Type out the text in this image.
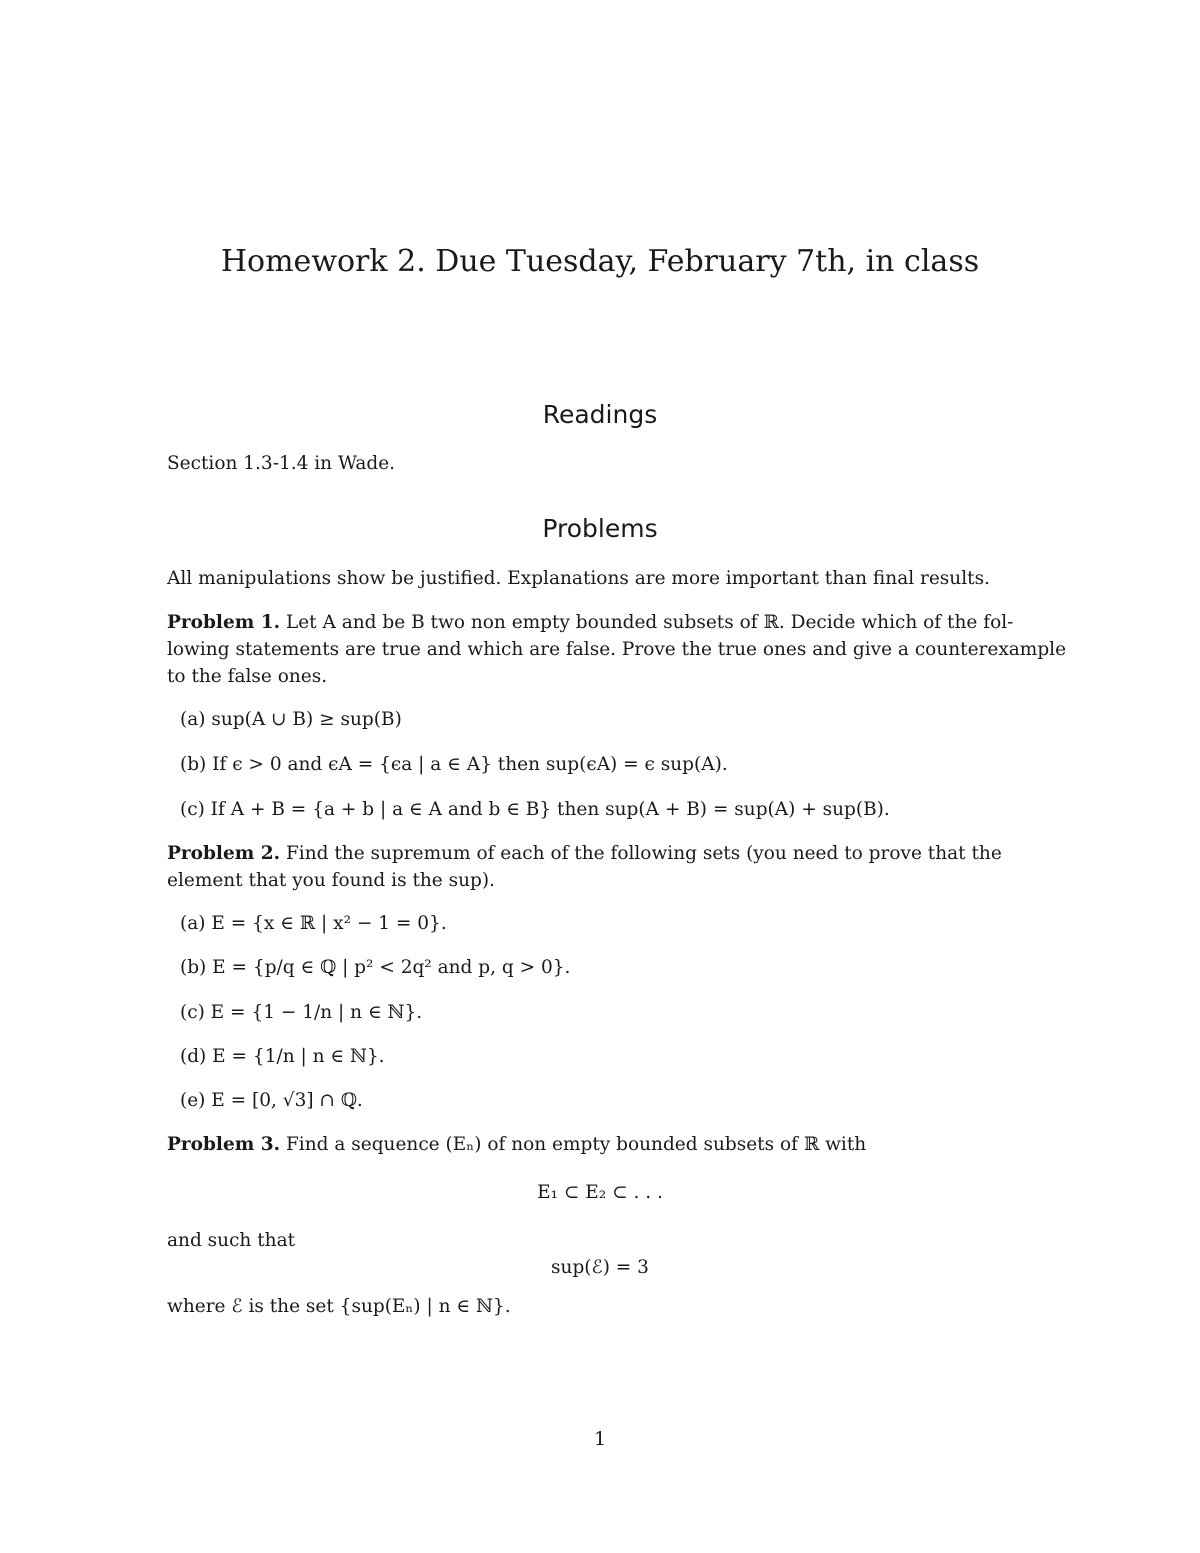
Homework 2. Due Tuesday, February 7th, in class
Readings
Section 1.3-1.4 in Wade.
Problems
All manipulations show be justified. Explanations are more important than final results.
Problem 1. Let A and be B two non empty bounded subsets of ℝ. Decide which of the fol-
lowing statements are true and which are false. Prove the true ones and give a counterexample
to the false ones.
(a) sup(A ∪ B) ≥ sup(B)
(b) If ϵ > 0 and ϵA = {ϵa | a ∈ A} then sup(ϵA) = ϵ sup(A).
(c) If A + B = {a + b | a ∈ A and b ∈ B} then sup(A + B) = sup(A) + sup(B).
Problem 2. Find the supremum of each of the following sets (you need to prove that the
element that you found is the sup).
(a) E = {x ∈ ℝ | x² − 1 = 0}.
(b) E = {p/q ∈ ℚ | p² < 2q² and p, q > 0}.
(c) E = {1 − 1/n | n ∈ ℕ}.
(d) E = {1/n | n ∈ ℕ}.
(e) E = [0, √3] ∩ ℚ.
Problem 3. Find a sequence (Eₙ) of non empty bounded subsets of ℝ with
E₁ ⊂ E₂ ⊂ . . .
and such that
sup(ℰ) = 3
where ℰ is the set {sup(Eₙ) | n ∈ ℕ}.
1
